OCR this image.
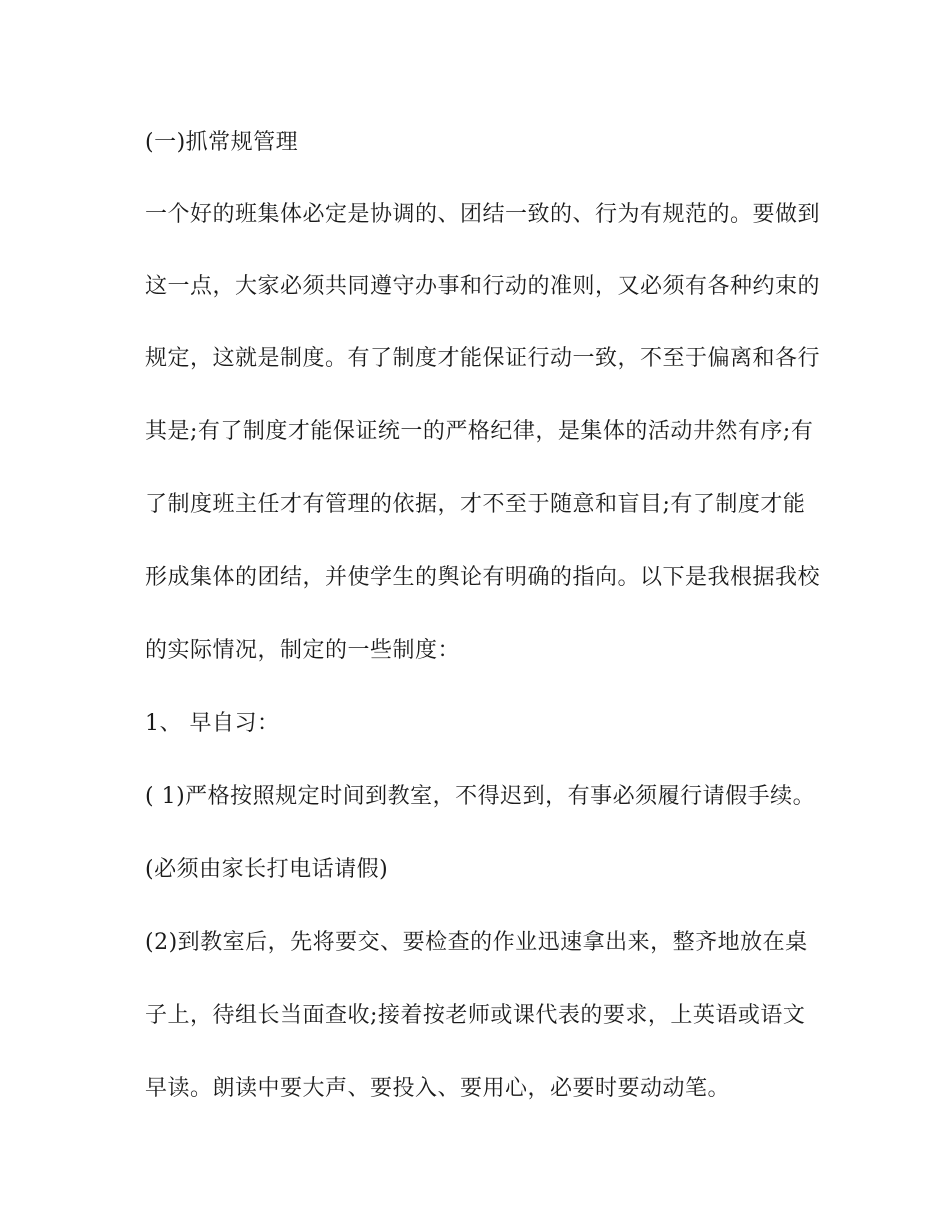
(一)抓常规管理
一个好的班集体必定是协调的、团结一致的、行为有规范的。要做到
这一点，大家必须共同遵守办事和行动的准则，又必须有各种约束的
规定，这就是制度。有了制度才能保证行动一致，不至于偏离和各行
其是;有了制度才能保证统一的严格纪律，是集体的活动井然有序;有
了制度班主任才有管理的依据，才不至于随意和盲目;有了制度才能
形成集体的团结，并使学生的舆论有明确的指向。以下是我根据我校
的实际情况，制定的一些制度：
1、 早自习：
( 1)严格按照规定时间到教室，不得迟到，有事必须履行请假手续。
(必须由家长打电话请假)
(2)到教室后，先将要交、要检查的作业迅速拿出来，整齐地放在桌
子上，待组长当面查收;接着按老师或课代表的要求，上英语或语文
早读。朗读中要大声、要投入、要用心，必要时要动动笔。
